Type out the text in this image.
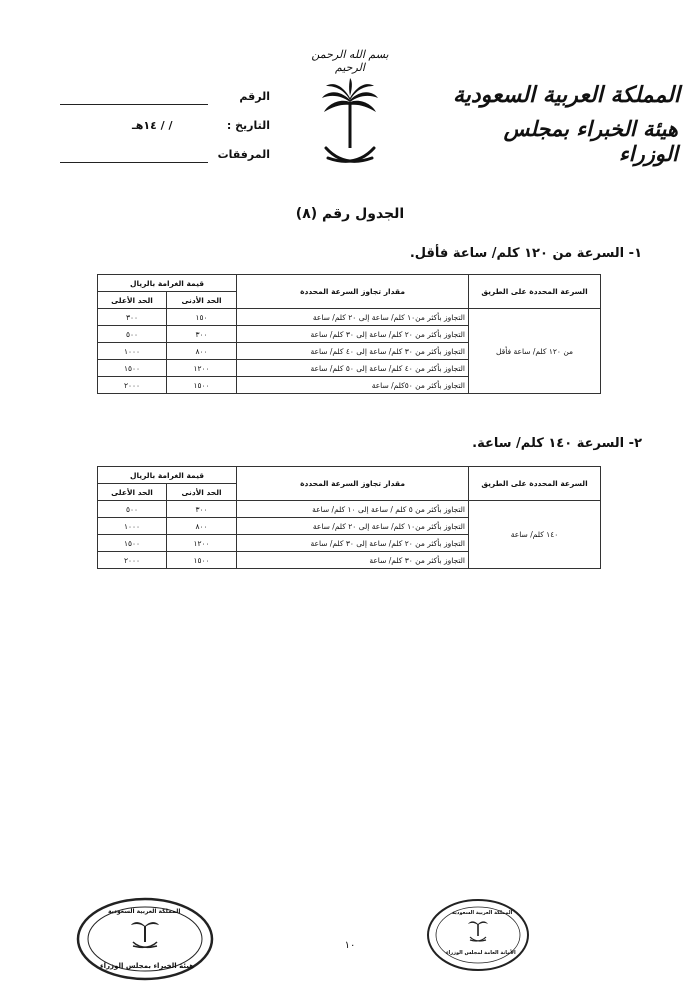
بسم الله الرحمن الرحيم
المملكة العربية السعودية
هيئة الخبراء بمجلس الوزراء
الرقم
التاريخ :
/ / ١٤هـ
المرفقات
الجدول رقم (٨)
١- السرعة من ١٢٠ كلم/ ساعة فأقل.
السرعة المحددة على الطريق	مقدار تجاوز السرعة المحددة	قيمة الغرامة بالريال	
		الحد الأدنى	الحد الأعلى
من ١٢٠ كلم/ ساعة فأقل	التجاوز بأكثر من١٠ كلم/ ساعة إلى ٢٠ كلم/ ساعة	١٥٠	٣٠٠
	التجاوز بأكثر من ٢٠ كلم/ ساعة إلى ٣٠ كلم/ ساعة	٣٠٠	٥٠٠
	التجاوز بأكثر من ٣٠ كلم/ ساعة إلى ٤٠ كلم/ ساعة	٨٠٠	١٠٠٠
	التجاوز بأكثر من ٤٠ كلم/ ساعة إلى ٥٠ كلم/ ساعة	١٢٠٠	١٥٠٠
	التجاوز بأكثر من ٥٠كلم/ ساعة	١٥٠٠	٢٠٠٠
٢- السرعة ١٤٠ كلم/ ساعة.
السرعة المحددة على الطريق	مقدار تجاوز السرعة المحددة	قيمة الغرامة بالريال	
		الحد الأدنى	الحد الأعلى
١٤٠ كلم/ ساعة	التجاوز بأكثر من ٥ كلم / ساعة إلى ١٠ كلم/ ساعة	٣٠٠	٥٠٠
	التجاوز بأكثر من١٠ كلم/ ساعة إلى ٢٠ كلم/ ساعة	٨٠٠	١٠٠٠
	التجاوز بأكثر من ٢٠ كلم/ ساعة إلى ٣٠ كلم/ ساعة	١٢٠٠	١٥٠٠
	التجاوز بأكثر من ٣٠ كلم/ ساعة	١٥٠٠	٢٠٠٠
المملكة العربية السعودية
هيئة الخبراء بمجلس الوزراء
المملكة العربية السعودية
الأمانة العامة لمجلس الوزراء
١٠
